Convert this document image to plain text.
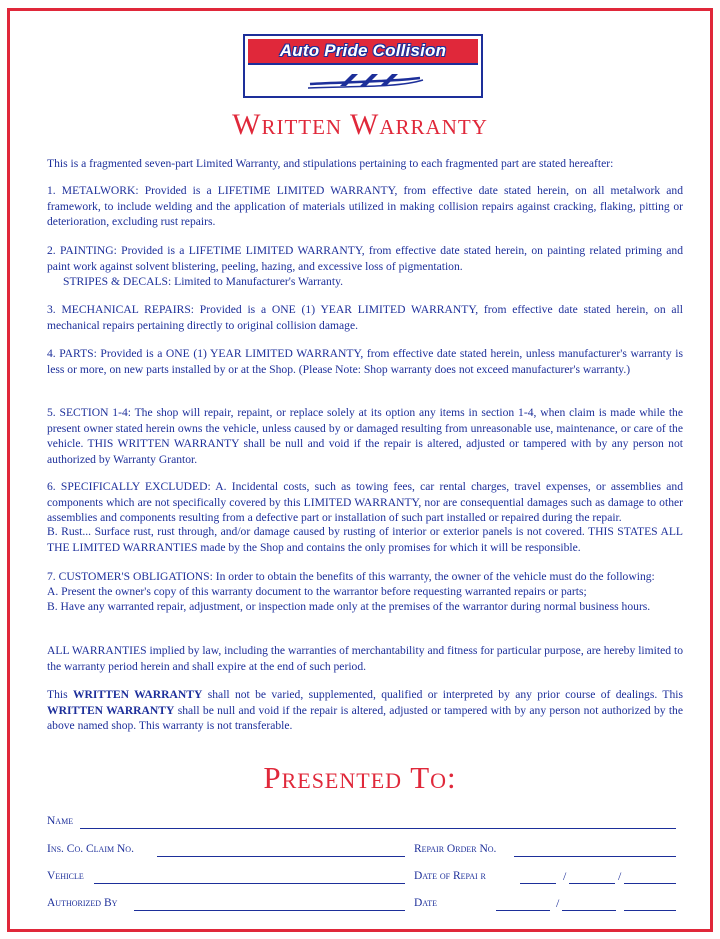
Auto Pride Collision
Written Warranty

This is a fragmented seven-part Limited Warranty, and stipulations pertaining to each fragmented part are stated hereafter:

1. METALWORK: Provided is a LIFETIME LIMITED WARRANTY, from effective date stated herein, on all metalwork and framework, to include welding and the application of materials utilized in making collision repairs against cracking, flaking, pitting or deterioration, excluding rust repairs.

2. PAINTING: Provided is a LIFETIME LIMITED WARRANTY, from effective date stated herein, on painting related priming and paint work against solvent blistering, peeling, hazing, and excessive loss of pigmentation.

STRIPES & DECALS: Limited to Manufacturer's Warranty.

3. MECHANICAL REPAIRS: Provided is a ONE (1) YEAR LIMITED WARRANTY, from effective date stated herein, on all mechanical repairs pertaining directly to original collision damage.

4. PARTS: Provided is a ONE (1) YEAR LIMITED WARRANTY, from effective date stated herein, unless manufacturer's warranty is less or more, on new parts installed by or at the Shop. (Please Note: Shop warranty does not exceed manufacturer's warranty.)

5. SECTION 1-4: The shop will repair, repaint, or replace solely at its option any items in section 1-4, when claim is made while the present owner stated herein owns the vehicle, unless caused by or damaged resulting from unreasonable use, maintenance, or care of the vehicle. THIS WRITTEN WARRANTY shall be null and void if the repair is altered, adjusted or tampered with by any person not authorized by Warranty Grantor.

6. SPECIFICALLY EXCLUDED: A. Incidental costs, such as towing fees, car rental charges, travel expenses, or assemblies and components which are not specifically covered by this LIMITED WARRANTY, nor are consequential damages such as damage to other assemblies and components resulting from a defective part or installation of such part installed or repaired during the repair.

B. Rust... Surface rust, rust through, and/or damage caused by rusting of interior or exterior panels is not covered. THIS STATES ALL THE LIMITED WARRANTIES made by the Shop and contains the only promises for which it will be responsible.

7. CUSTOMER'S OBLIGATIONS: In order to obtain the benefits of this warranty, the owner of the vehicle must do the following:

A. Present the owner's copy of this warranty document to the warrantor before requesting warranted repairs or parts;

B. Have any warranted repair, adjustment, or inspection made only at the premises of the warrantor during normal business hours.

ALL WARRANTIES implied by law, including the warranties of merchantability and fitness for particular purpose, are hereby limited to the warranty period herein and shall expire at the end of such period.

This WRITTEN WARRANTY shall not be varied, supplemented, qualified or interpreted by any prior course of dealings. This WRITTEN WARRANTY shall be null and void if the repair is altered, adjusted or tampered with by any person not authorized by the above named shop. This warranty is not transferable.

Presented To:
Name
Ins. Co. Claim No.	Repair Order No.
Vehicle	Date of Repai r	/	/
Authorized By	Date	/
